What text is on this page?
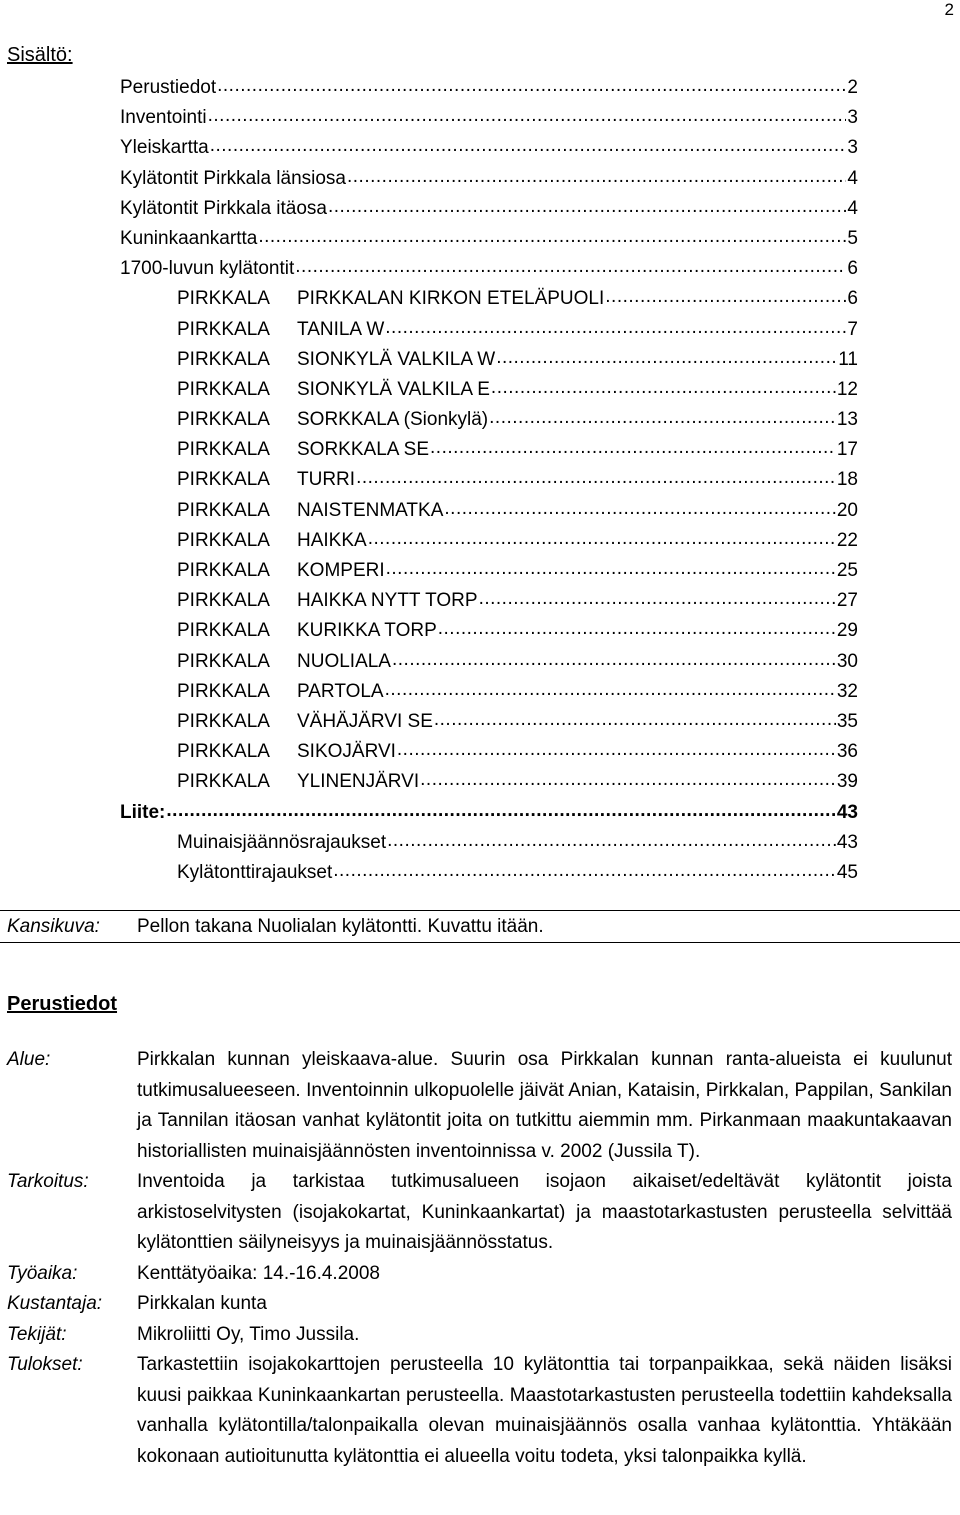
2
Sisältö:
Perustiedot .....	2
Inventointi .....	3
Yleiskartta .....	3
Kylätontit Pirkkala länsiosa .....	4
Kylätontit Pirkkala itäosa .....	4
Kuninkaankartta .....	5
1700-luvun kylätontit .....	6
PIRKKALA PIRKKALAN KIRKON ETELÄPUOLI .....	6
PIRKKALA TANILA W .....	7
PIRKKALA SIONKYLÄ VALKILA W .....	11
PIRKKALA SIONKYLÄ VALKILA E .....	12
PIRKKALA SORKKALA (Sionkylä) .....	13
PIRKKALA SORKKALA SE .....	17
PIRKKALA TURRI .....	18
PIRKKALA NAISTENMATKA .....	20
PIRKKALA HAIKKA .....	22
PIRKKALA KOMPERI .....	25
PIRKKALA HAIKKA NYTT TORP .....	27
PIRKKALA KURIKKA TORP .....	29
PIRKKALA NUOLIALA .....	30
PIRKKALA PARTOLA .....	32
PIRKKALA VÄHÄJÄRVI SE .....	35
PIRKKALA SIKOJÄRVI .....	36
PIRKKALA YLINENJÄRVI .....	39
Liite: .....	43
Muinaisjäännösrajaukset .....	43
Kylätonttirajaukset .....	45
Kansikuva: Pellon takana Nuolialan kylätontti. Kuvattu itään.
Perustiedot
Alue:	Pirkkalan kunnan yleiskaava-alue. Suurin osa Pirkkalan kunnan ranta-alueista ei kuulunut tutkimusalueeseen. Inventoinnin ulkopuolelle jäivät Anian, Kataisin, Pirkkalan, Pappilan, Sankilan ja Tannilan itäosan vanhat kylätontit joita on tutkittu aiemmin mm. Pirkanmaan maakuntakaavan historiallisten muinaisjäännösten inventoinnissa v. 2002 (Jussila T).
Tarkoitus:	Inventoida ja tarkistaa tutkimusalueen isojaon aikaiset/edeltävät kylätontit joista arkistoselvitysten (isojakokartat, Kuninkaankartat) ja maastotarkastusten perusteella selvittää kylätonttien säilyneisyys ja muinaisjäännösstatus.
Työaika:	Kenttätyöaika: 14.-16.4.2008
Kustantaja:	Pirkkalan kunta
Tekijät:	Mikroliitti Oy, Timo Jussila.
Tulokset:	Tarkastettiin isojakokarttojen perusteella 10 kylätonttia tai torpanpaikkaa, sekä näiden lisäksi kuusi paikkaa Kuninkaankartan perusteella. Maastotarkastusten perusteella todettiin kahdeksalla vanhalla kylätontilla/talonpaikalla olevan muinaisjäännös osalla vanhaa kylätonttia. Yhtäkään kokonaan autioitunutta kylätonttia ei alueella voitu todeta, yksi talonpaikka kyllä.
